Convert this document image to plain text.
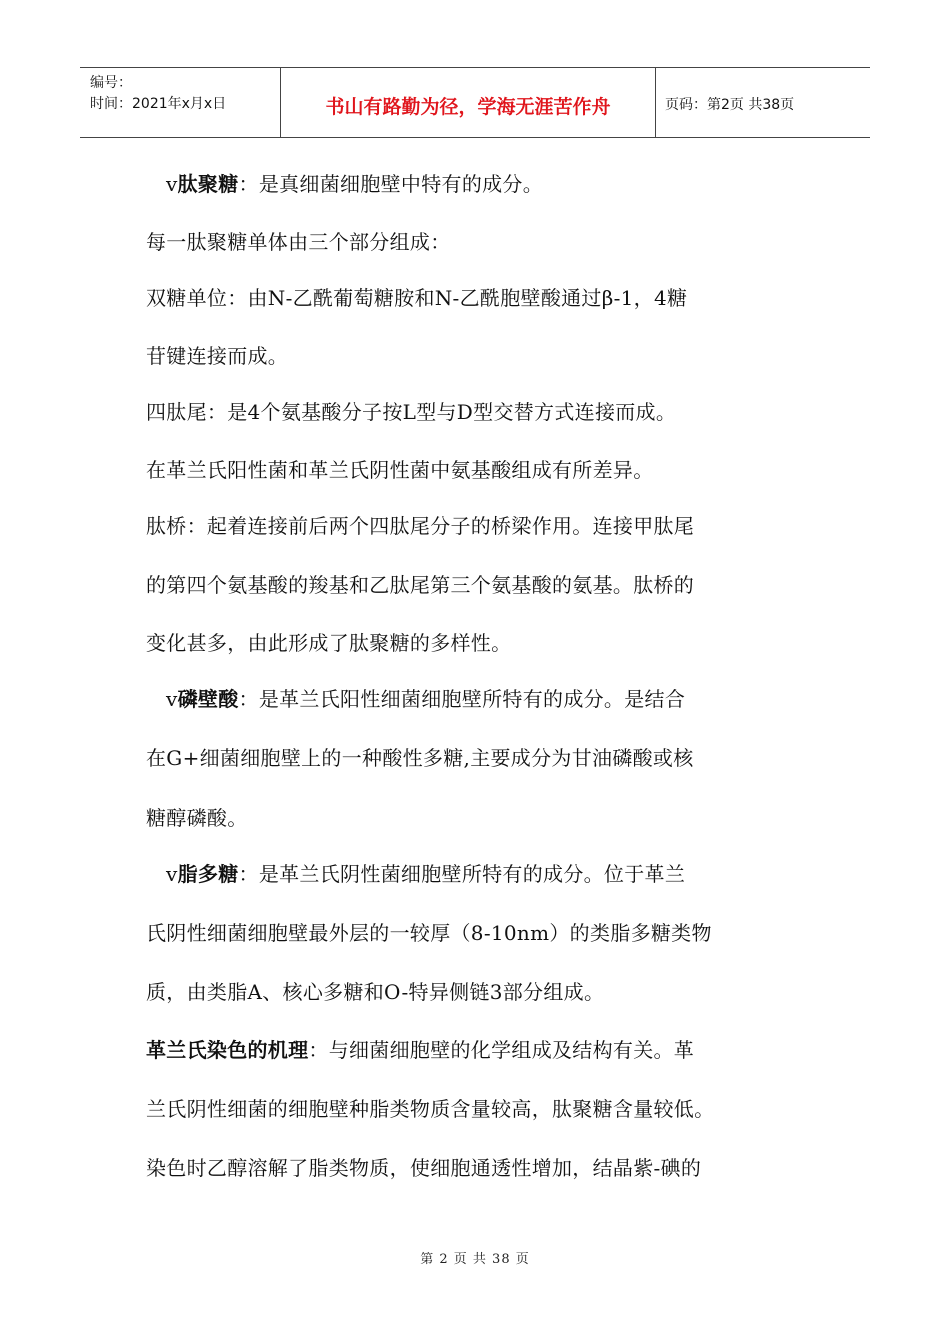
编号：
时间：2021年x月x日	书山有路勤为径，学海无涯苦作舟	页码：第2页 共38页
v肽聚糖：是真细菌细胞壁中特有的成分。
每一肽聚糖单体由三个部分组成：
双糖单位：由N-乙酰葡萄糖胺和N-乙酰胞壁酸通过β-1，4糖
苷键连接而成。
四肽尾：是4个氨基酸分子按L型与D型交替方式连接而成。
在革兰氏阳性菌和革兰氏阴性菌中氨基酸组成有所差异。
肽桥：起着连接前后两个四肽尾分子的桥梁作用。连接甲肽尾
的第四个氨基酸的羧基和乙肽尾第三个氨基酸的氨基。肽桥的
变化甚多，由此形成了肽聚糖的多样性。
v磷壁酸：是革兰氏阳性细菌细胞壁所特有的成分。是结合
在G+细菌细胞壁上的一种酸性多糖,主要成分为甘油磷酸或核
糖醇磷酸。
v脂多糖：是革兰氏阴性菌细胞壁所特有的成分。位于革兰
氏阴性细菌细胞壁最外层的一较厚（8-10nm）的类脂多糖类物
质，由类脂A、核心多糖和O-特异侧链3部分组成。
革兰氏染色的机理：与细菌细胞壁的化学组成及结构有关。革
兰氏阴性细菌的细胞壁种脂类物质含量较高，肽聚糖含量较低。
染色时乙醇溶解了脂类物质，使细胞通透性增加，结晶紫-碘的
第 2 页 共 38 页
